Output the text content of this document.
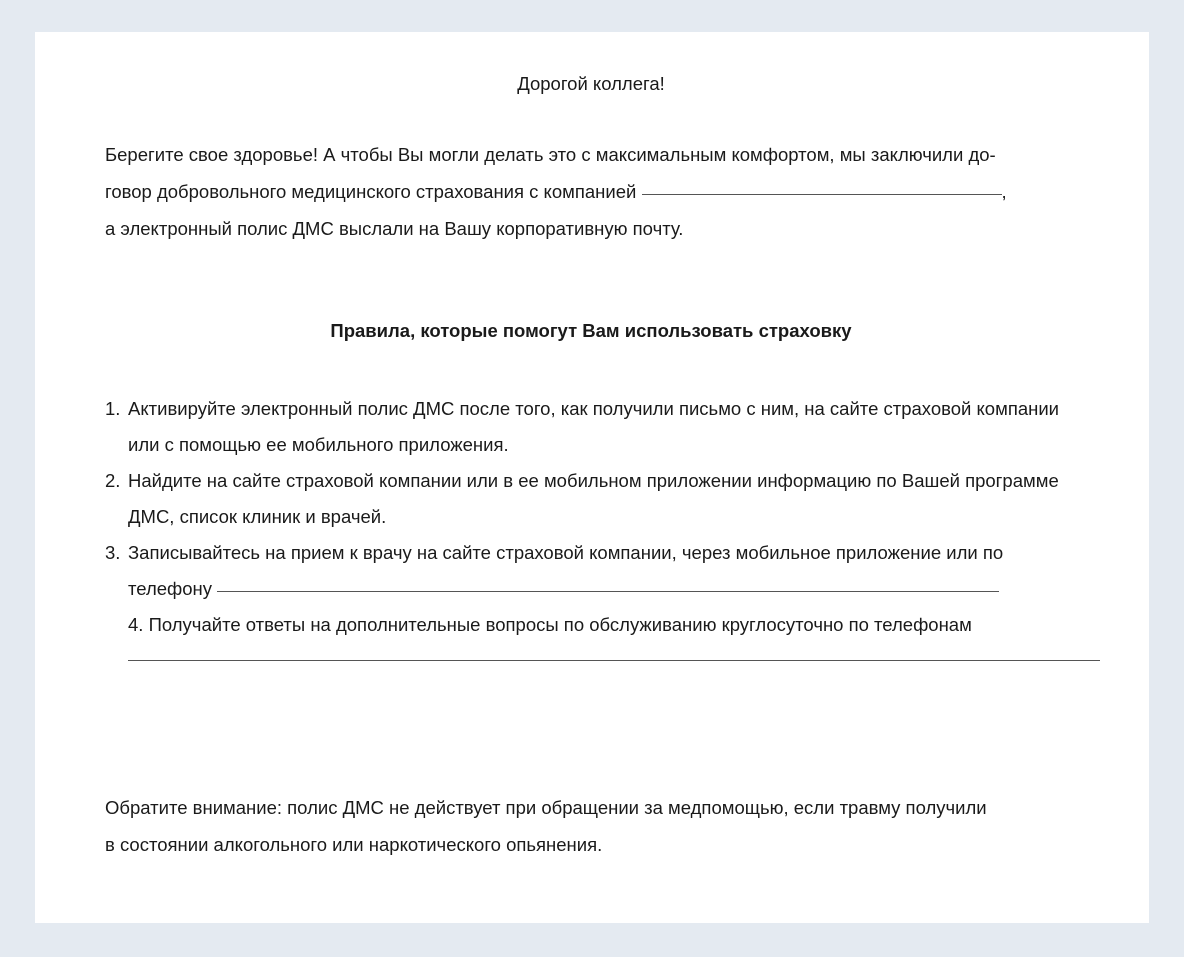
Дорогой коллега!

Берегите свое здоровье! А чтобы Вы могли делать это с максимальным комфортом, мы заключили до-
говор добровольного медицинского страхования с компанией	,
а электронный полис ДМС выслали на Вашу корпоративную почту.

Правила, которые помогут Вам использовать страховку

1. Активируйте электронный полис ДМС после того, как получили письмо с ним, на сайте страховой компании или с помощью ее мобильного приложения.
2. Найдите на сайте страховой компании или в ее мобильном приложении информацию по Вашей программе ДМС, список клиник и врачей.
3. Записывайтесь на прием к врачу на сайте страховой компании, через мобильное приложение или по телефону
4. Получайте ответы на дополнительные вопросы по обслуживанию круглосуточно по телефонам

Обратите внимание: полис ДМС не действует при обращении за медпомощью, если травму получили
в состоянии алкогольного или наркотического опьянения.
